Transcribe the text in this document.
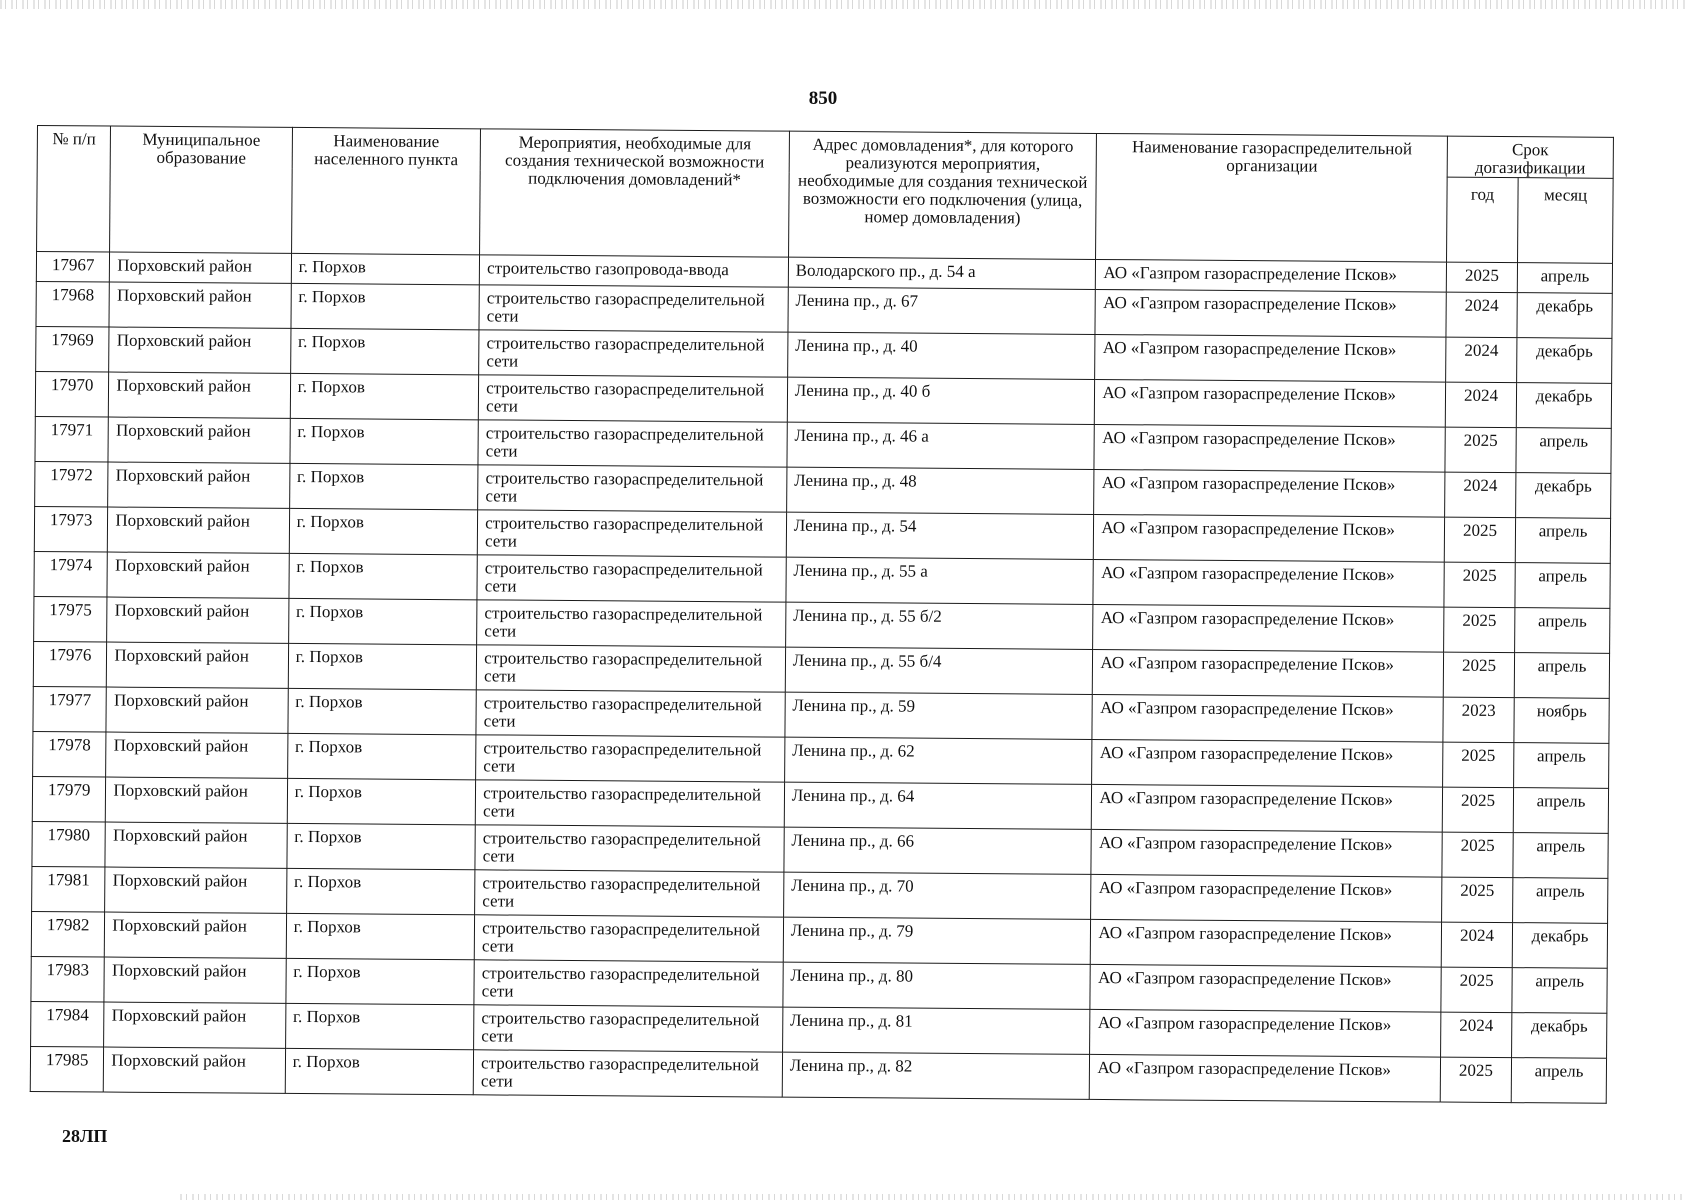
850
№ п/п	Муниципальное образование	Наименование населенного пункта	Мероприятия, необходимые для создания технической возможности подключения домовладений*	Адрес домовладения*, для которого реализуются мероприятия, необходимые для создания технической возможности его подключения (улица, номер домовладения)	Наименование газораспределительной организации	Срок догазификации	
						год	месяц
17967	Порховский район	г. Порхов	строительство газопровода-ввода	Володарского пр., д. 54 а	АО «Газпром газораспределение Псков»	2025	апрель
17968	Порховский район	г. Порхов	строительство газораспределительной сети	Ленина пр., д. 67	АО «Газпром газораспределение Псков»	2024	декабрь
17969	Порховский район	г. Порхов	строительство газораспределительной сети	Ленина пр., д. 40	АО «Газпром газораспределение Псков»	2024	декабрь
17970	Порховский район	г. Порхов	строительство газораспределительной сети	Ленина пр., д. 40 б	АО «Газпром газораспределение Псков»	2024	декабрь
17971	Порховский район	г. Порхов	строительство газораспределительной сети	Ленина пр., д. 46 а	АО «Газпром газораспределение Псков»	2025	апрель
17972	Порховский район	г. Порхов	строительство газораспределительной сети	Ленина пр., д. 48	АО «Газпром газораспределение Псков»	2024	декабрь
17973	Порховский район	г. Порхов	строительство газораспределительной сети	Ленина пр., д. 54	АО «Газпром газораспределение Псков»	2025	апрель
17974	Порховский район	г. Порхов	строительство газораспределительной сети	Ленина пр., д. 55 а	АО «Газпром газораспределение Псков»	2025	апрель
17975	Порховский район	г. Порхов	строительство газораспределительной сети	Ленина пр., д. 55 б/2	АО «Газпром газораспределение Псков»	2025	апрель
17976	Порховский район	г. Порхов	строительство газораспределительной сети	Ленина пр., д. 55 б/4	АО «Газпром газораспределение Псков»	2025	апрель
17977	Порховский район	г. Порхов	строительство газораспределительной сети	Ленина пр., д. 59	АО «Газпром газораспределение Псков»	2023	ноябрь
17978	Порховский район	г. Порхов	строительство газораспределительной сети	Ленина пр., д. 62	АО «Газпром газораспределение Псков»	2025	апрель
17979	Порховский район	г. Порхов	строительство газораспределительной сети	Ленина пр., д. 64	АО «Газпром газораспределение Псков»	2025	апрель
17980	Порховский район	г. Порхов	строительство газораспределительной сети	Ленина пр., д. 66	АО «Газпром газораспределение Псков»	2025	апрель
17981	Порховский район	г. Порхов	строительство газораспределительной сети	Ленина пр., д. 70	АО «Газпром газораспределение Псков»	2025	апрель
17982	Порховский район	г. Порхов	строительство газораспределительной сети	Ленина пр., д. 79	АО «Газпром газораспределение Псков»	2024	декабрь
17983	Порховский район	г. Порхов	строительство газораспределительной сети	Ленина пр., д. 80	АО «Газпром газораспределение Псков»	2025	апрель
17984	Порховский район	г. Порхов	строительство газораспределительной сети	Ленина пр., д. 81	АО «Газпром газораспределение Псков»	2024	декабрь
17985	Порховский район	г. Порхов	строительство газораспределительной сети	Ленина пр., д. 82	АО «Газпром газораспределение Псков»	2025	апрель
28ЛП
